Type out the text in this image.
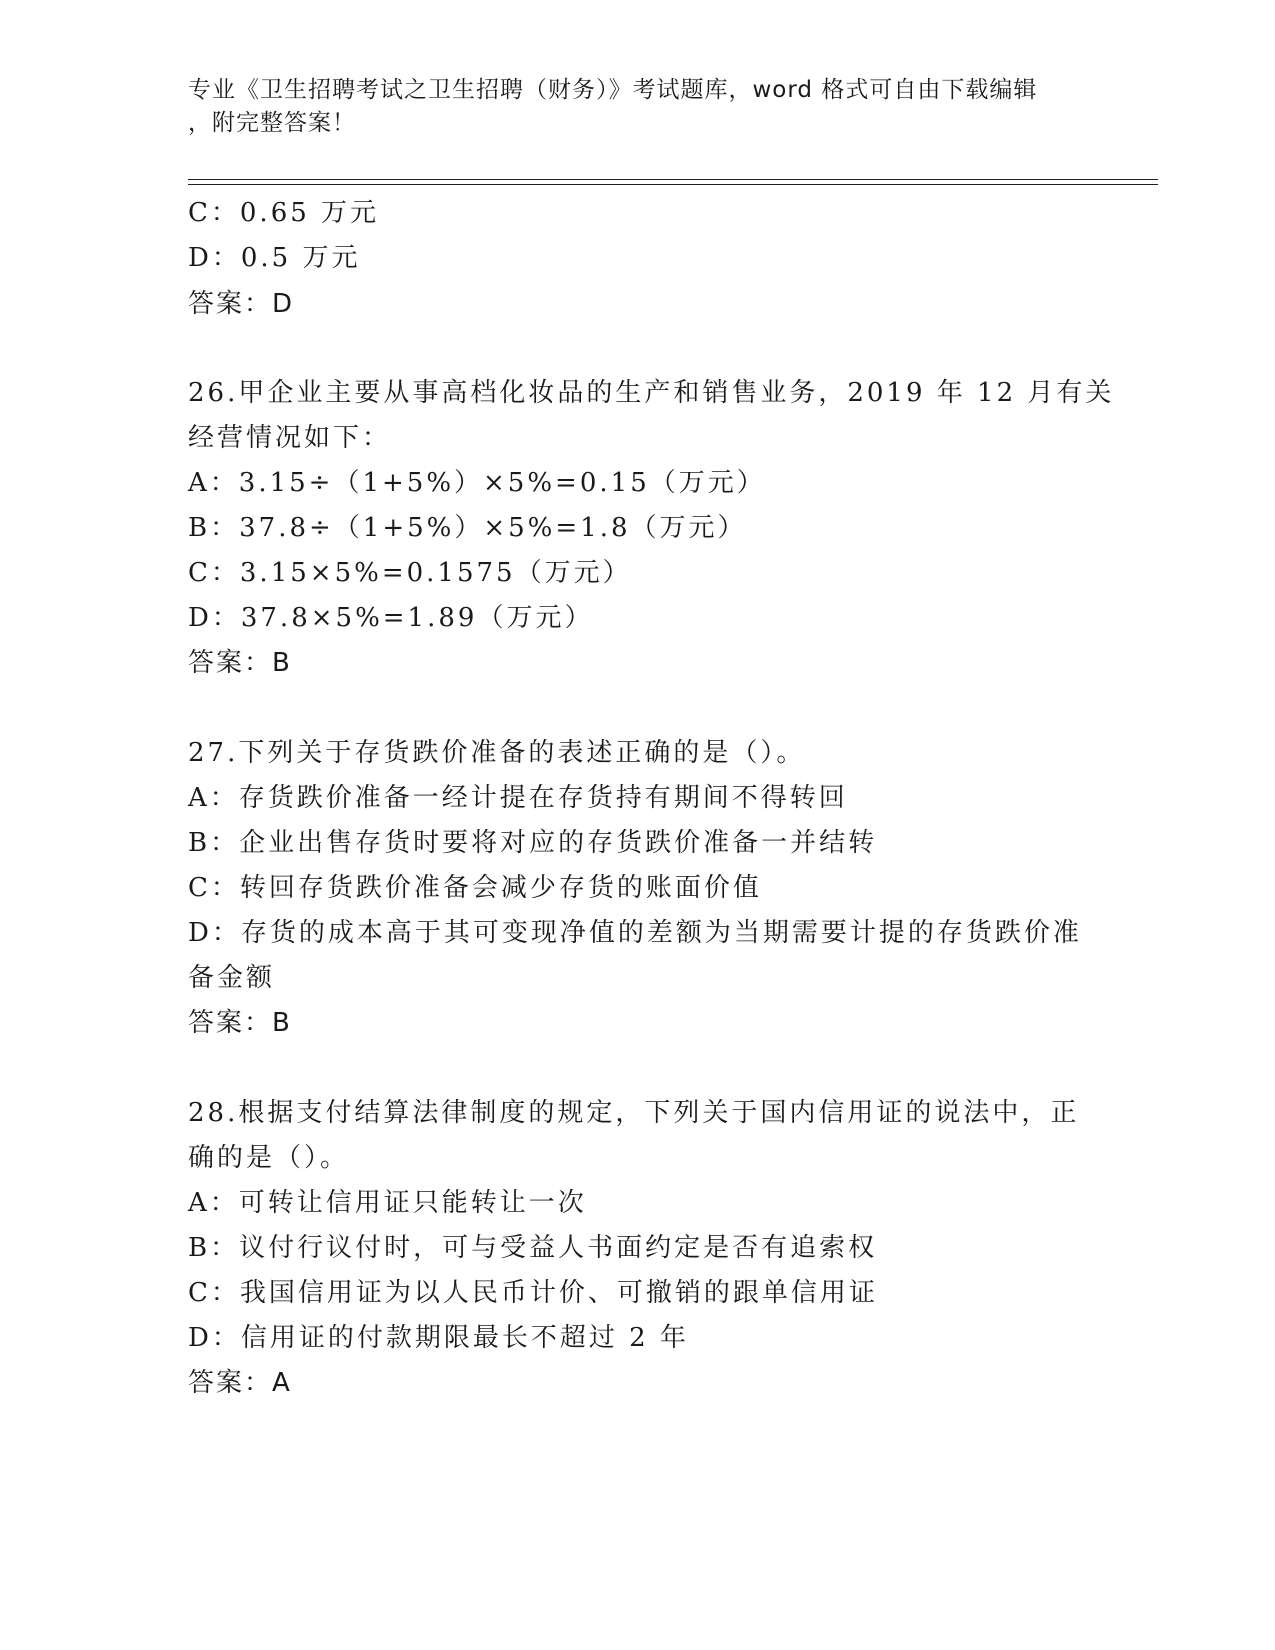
专业《卫生招聘考试之卫生招聘（财务）》考试题库，word 格式可自由下载编辑
，附完整答案！
C：0.65 万元
D：0.5 万元
答案：D
26.甲企业主要从事高档化妆品的生产和销售业务，2019 年 12 月有关
经营情况如下：
A：3.15÷（1+5%）×5%=0.15（万元）
B：37.8÷（1+5%）×5%=1.8（万元）
C：3.15×5%=0.1575（万元）
D：37.8×5%=1.89（万元）
答案：B
27.下列关于存货跌价准备的表述正确的是（）。
A：存货跌价准备一经计提在存货持有期间不得转回
B：企业出售存货时要将对应的存货跌价准备一并结转
C：转回存货跌价准备会减少存货的账面价值
D：存货的成本高于其可变现净值的差额为当期需要计提的存货跌价准
备金额
答案：B
28.根据支付结算法律制度的规定，下列关于国内信用证的说法中，正
确的是（）。
A：可转让信用证只能转让一次
B：议付行议付时，可与受益人书面约定是否有追索权
C：我国信用证为以人民币计价、可撤销的跟单信用证
D：信用证的付款期限最长不超过 2 年
答案：A
